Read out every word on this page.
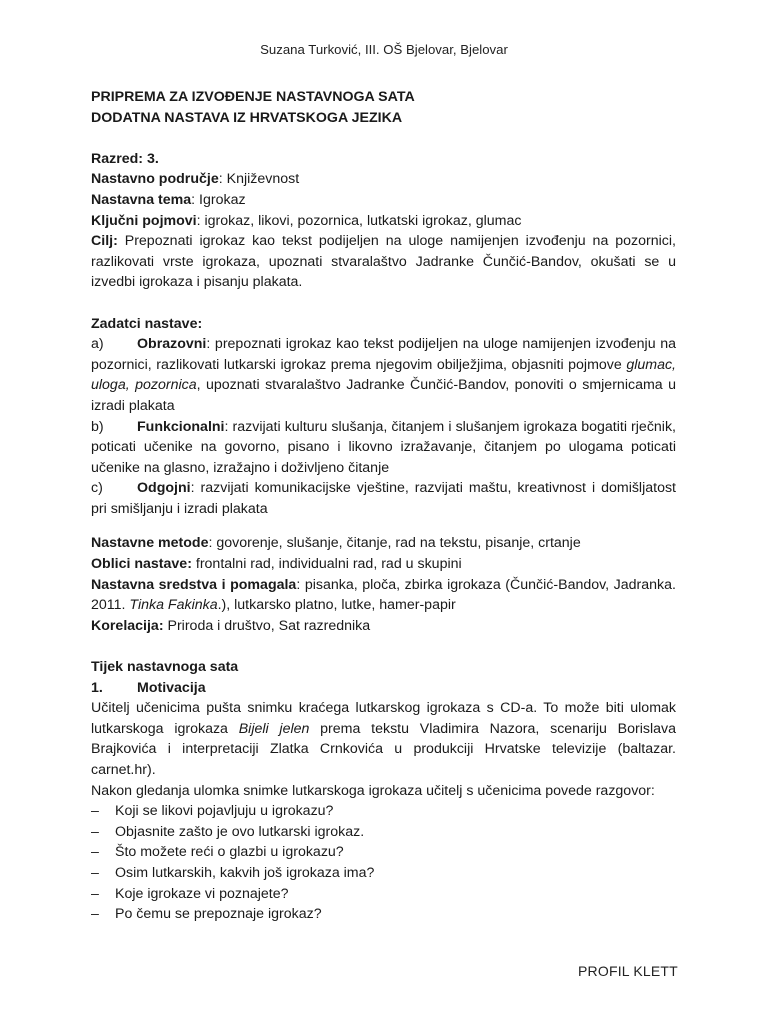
Suzana Turković, III. OŠ Bjelovar, Bjelovar
PRIPREMA ZA IZVOĐENJE NASTAVNOGA SATA
DODATNA NASTAVA IZ HRVATSKOGA JEZIKA
Razred: 3.
Nastavno područje: Književnost
Nastavna tema: Igrokaz
Ključni pojmovi: igrokaz, likovi, pozornica, lutkatski igrokaz, glumac
Cilj: Prepoznati igrokaz kao tekst podijeljen na uloge namijenjen izvođenju na pozornici, razlikovati vrste igrokaza, upoznati stvaralaštvo Jadranke Čunčić-Bandov, okušati se u izvedbi igrokaza i pisanju plakata.
Zadatci nastave:
a) Obrazovni: prepoznati igrokaz kao tekst podijeljen na uloge namijenjen izvođenju na pozornici, razlikovati lutkarski igrokaz prema njegovim obilježjima, objasniti pojmove glumac, uloga, pozornica, upoznati stvaralaštvo Jadranke Čunčić-Bandov, ponoviti o smjernicama u izradi plakata
b) Funkcionalni: razvijati kulturu slušanja, čitanjem i slušanjem igrokaza bogatiti rječnik, poticati učenike na govorno, pisano i likovno izražavanje, čitanjem po ulogama poticati učenike na glasno, izražajno i doživljeno čitanje
c) Odgojni: razvijati komunikacijske vještine, razvijati maštu, kreativnost i domišljatost pri smišljanju i izradi plakata
Nastavne metode: govorenje, slušanje, čitanje, rad na tekstu, pisanje, crtanje
Oblici nastave: frontalni rad, individualni rad, rad u skupini
Nastavna sredstva i pomagala: pisanka, ploča, zbirka igrokaza (Čunčić-Bandov, Jadranka. 2011. Tinka Fakinka.), lutkarsko platno, lutke, hamer-papir
Korelacija: Priroda i društvo, Sat razrednika
Tijek nastavnoga sata
1. Motivacija
Učitelj učenicima pušta snimku kraćega lutkarskog igrokaza s CD-a. To može biti ulomak lutkarskoga igrokaza Bijeli jelen prema tekstu Vladimira Nazora, scenariju Borislava Brajkovića i interpretaciji Zlatka Crnkovića u produkciji Hrvatske televizije (baltazar. carnet.hr).
Nakon gledanja ulomka snimke lutkarskoga igrokaza učitelj s učenicima povede razgovor:
–	Koji se likovi pojavljuju u igrokazu?
–	Objasnite zašto je ovo lutkarski igrokaz.
–	Što možete reći o glazbi u igrokazu?
–	Osim lutkarskih, kakvih još igrokaza ima?
–	Koje igrokaze vi poznajete?
–	Po čemu se prepoznaje igrokaz?
PROFIL KLETT
